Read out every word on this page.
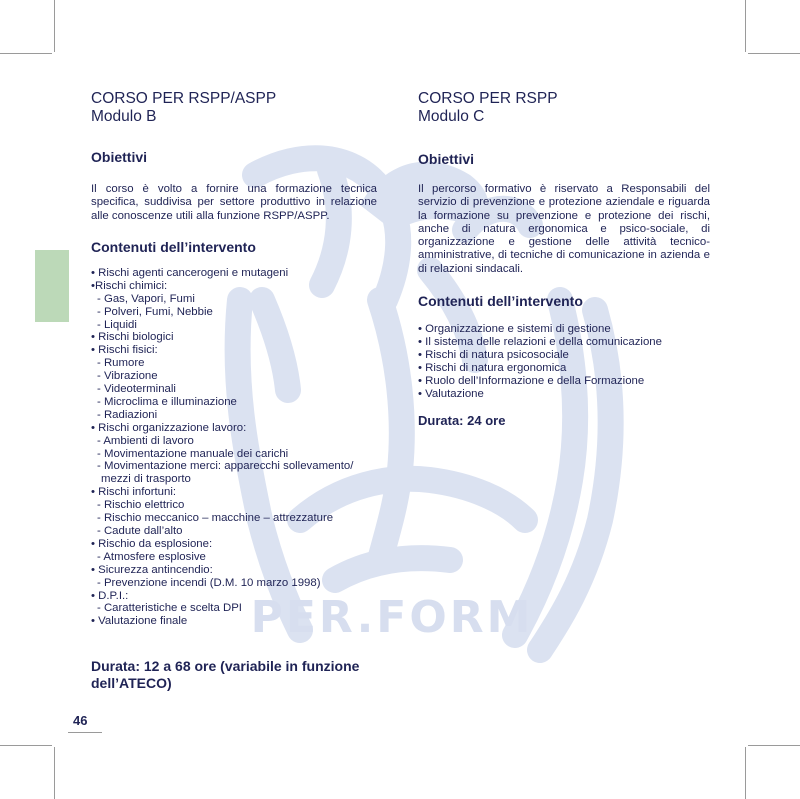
PER.FORM
CORSO PER RSPP/ASPP
Modulo B
Obiettivi
Il corso è volto a fornire una formazione tecnica specifica, suddivisa per settore produttivo in relazione alle conoscenze utili alla funzione RSPP/ASPP.
Contenuti dell’intervento
• Rischi agenti cancerogeni e mutageni
•Rischi chimici:
- Gas, Vapori, Fumi
- Polveri, Fumi, Nebbie
- Liquidi
• Rischi biologici
• Rischi fisici:
- Rumore
- Vibrazione
- Videoterminali
- Microclima e illuminazione
- Radiazioni
• Rischi organizzazione lavoro:
- Ambienti di lavoro
- Movimentazione manuale dei carichi
- Movimentazione merci: apparecchi sollevamento/
mezzi di trasporto
• Rischi infortuni:
- Rischio elettrico
- Rischio meccanico – macchine – attrezzature
- Cadute dall’alto
• Rischio da esplosione:
- Atmosfere esplosive
• Sicurezza antincendio:
- Prevenzione incendi (D.M. 10 marzo 1998)
• D.P.I.:
- Caratteristiche e scelta DPI
• Valutazione finale
Durata: 12 a 68 ore (variabile in funzione dell’ATECO)
CORSO PER RSPP
Modulo C
Obiettivi
Il percorso formativo è riservato a Responsabili del servizio di prevenzione e protezione aziendale e riguarda la formazione su prevenzione e protezione dei rischi, anche di natura ergonomica e psico-sociale, di organizzazione e gestione delle attività tecnico-amministrative, di tecniche di comunicazione in azienda e di relazioni sindacali.
Contenuti dell’intervento
• Organizzazione e sistemi di gestione
• Il sistema delle relazioni e della comunicazione
• Rischi di natura psicosociale
• Rischi di natura ergonomica
• Ruolo dell’Informazione e della Formazione
• Valutazione
Durata: 24 ore
46
